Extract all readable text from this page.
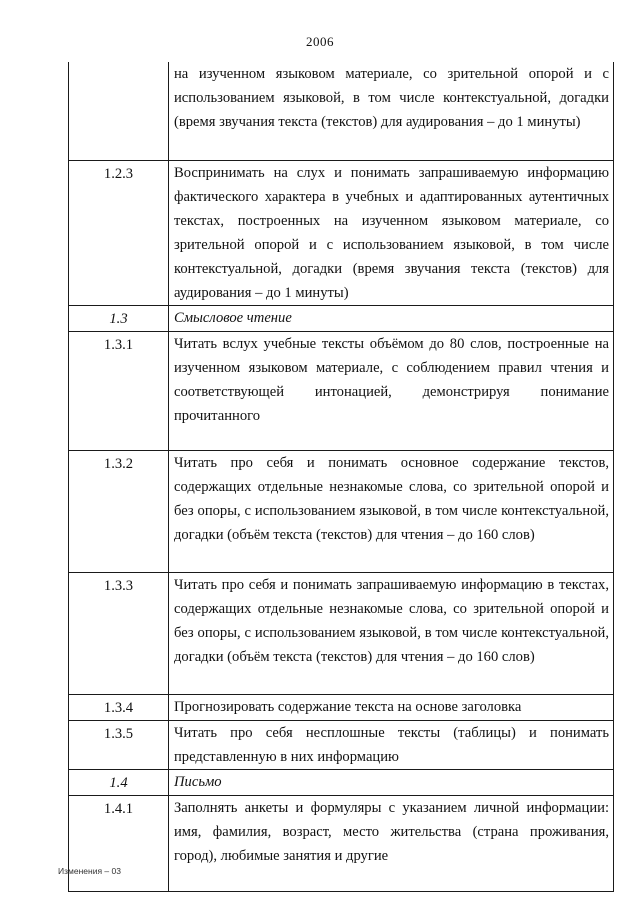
2006

	на изученном языковом материале, со зрительной опорой и с использованием языковой, в том числе контекстуальной, догадки (время звучания текста (текстов) для аудирования – до 1 минуты)

1.2.3	Воспринимать на слух и понимать запрашиваемую информацию фактического характера в учебных и адаптированных аутентичных текстах, построенных на изученном языковом материале, со зрительной опорой и с использованием языковой, в том числе контекстуальной, догадки (время звучания текста (текстов) для аудирования – до 1 минуты)

1.3	Смысловое чтение

1.3.1	Читать вслух учебные тексты объёмом до 80 слов, построенные на изученном языковом материале, с соблюдением правил чтения и соответствующей интонацией, демонстрируя понимание прочитанного

1.3.2	Читать про себя и понимать основное содержание текстов, содержащих отдельные незнакомые слова, со зрительной опорой и без опоры, с использованием языковой, в том числе контекстуальной, догадки (объём текста (текстов) для чтения – до 160 слов)

1.3.3	Читать про себя и понимать запрашиваемую информацию в текстах, содержащих отдельные незнакомые слова, со зрительной опорой и без опоры, с использованием языковой, в том числе контекстуальной, догадки (объём текста (текстов) для чтения – до 160 слов)

1.3.4	Прогнозировать содержание текста на основе заголовка

1.3.5	Читать про себя несплошные тексты (таблицы) и понимать представленную в них информацию

1.4	Письмо

1.4.1	Заполнять анкеты и формуляры с указанием личной информации: имя, фамилия, возраст, место жительства (страна проживания, город), любимые занятия и другие
Изменения – 03
